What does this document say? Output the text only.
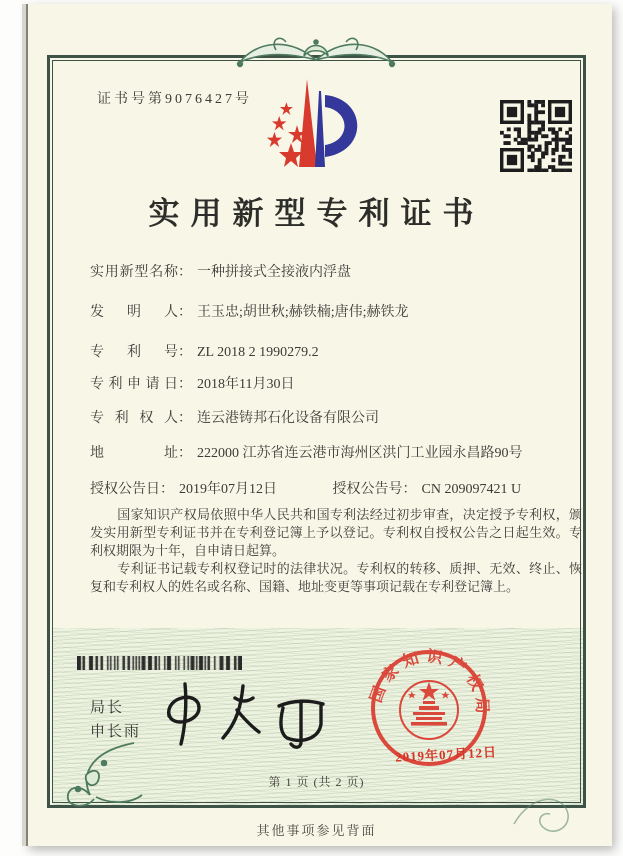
证书号第9076427号
实用新型专利证书
实用新型名称： 一种拼接式全接液内浮盘
发明人： 王玉忠;胡世秋;赫铁楠;唐伟;赫铁龙
专利号： ZL 2018 2 1990279.2
专利申请日： 2018年11月30日
专利权人： 连云港铸邦石化设备有限公司
地址： 222000 江苏省连云港市海州区洪门工业园永昌路90号
授权公告日： 2019年07月12日	授权公告号： CN 209097421 U

国家知识产权局依照中华人民共和国专利法经过初步审查，决定授予专利权，颁发实用新型专利证书并在专利登记簿上予以登记。专利权自授权公告之日起生效。专利权期限为十年，自申请日起算。

专利证书记载专利权登记时的法律状况。专利权的转移、质押、无效、终止、恢复和专利权人的姓名或名称、国籍、地址变更等事项记载在专利登记簿上。

局长
申长雨
国家知识产权局
2019年07月12日
第 1 页 (共 2 页)
其他事项参见背面
